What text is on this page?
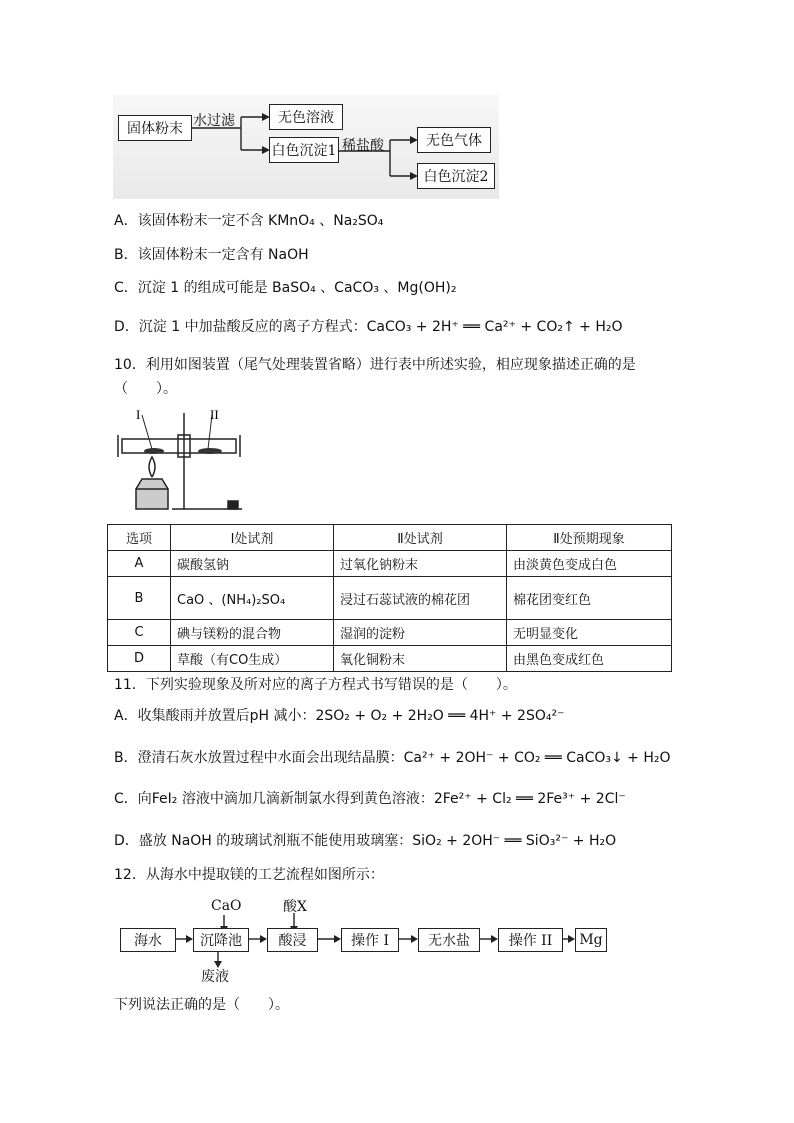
固体粉末 水过滤	无色溶液
白色沉淀1 稀盐酸	无色气体
白色沉淀2
A．该固体粉末一定不含 KMnO₄ 、Na₂SO₄
B．该固体粉末一定含有 NaOH
C．沉淀 1 的组成可能是 BaSO₄ 、CaCO₃ 、Mg(OH)₂
D．沉淀 1 中加盐酸反应的离子方程式：CaCO₃ + 2H⁺ ══ Ca²⁺ + CO₂↑ + H₂O
10．利用如图装置（尾气处理装置省略）进行表中所述实验，相应现象描述正确的是
（　　）。
I	II
选项	Ⅰ处试剂	Ⅱ处试剂	Ⅱ处预期现象
A	碳酸氢钠	过氧化钠粉末	由淡黄色变成白色
B	CaO 、(NH₄)₂SO₄	浸过石蕊试液的棉花团	棉花团变红色
C	碘与镁粉的混合物	湿润的淀粉	无明显变化
D	草酸（有CO生成）	氧化铜粉末	由黑色变成红色
11．下列实验现象及所对应的离子方程式书写错误的是（　　）。
A．收集酸雨并放置后pH 减小：2SO₂ + O₂ + 2H₂O ══ 4H⁺ + 2SO₄²⁻
B．澄清石灰水放置过程中水面会出现结晶膜：Ca²⁺ + 2OH⁻ + CO₂ ══ CaCO₃↓ + H₂O
C．向FeI₂ 溶液中滴加几滴新制氯水得到黄色溶液：2Fe²⁺ + Cl₂ ══ 2Fe³⁺ + 2Cl⁻
D．盛放 NaOH 的玻璃试剂瓶不能使用玻璃塞：SiO₂ + 2OH⁻ ══ SiO₃²⁻ + H₂O
12．从海水中提取镁的工艺流程如图所示：
海水	沉降池	酸浸	操作 I	无水盐	操作 II Mg
CaO	酸X
废液
下列说法正确的是（　　）。
